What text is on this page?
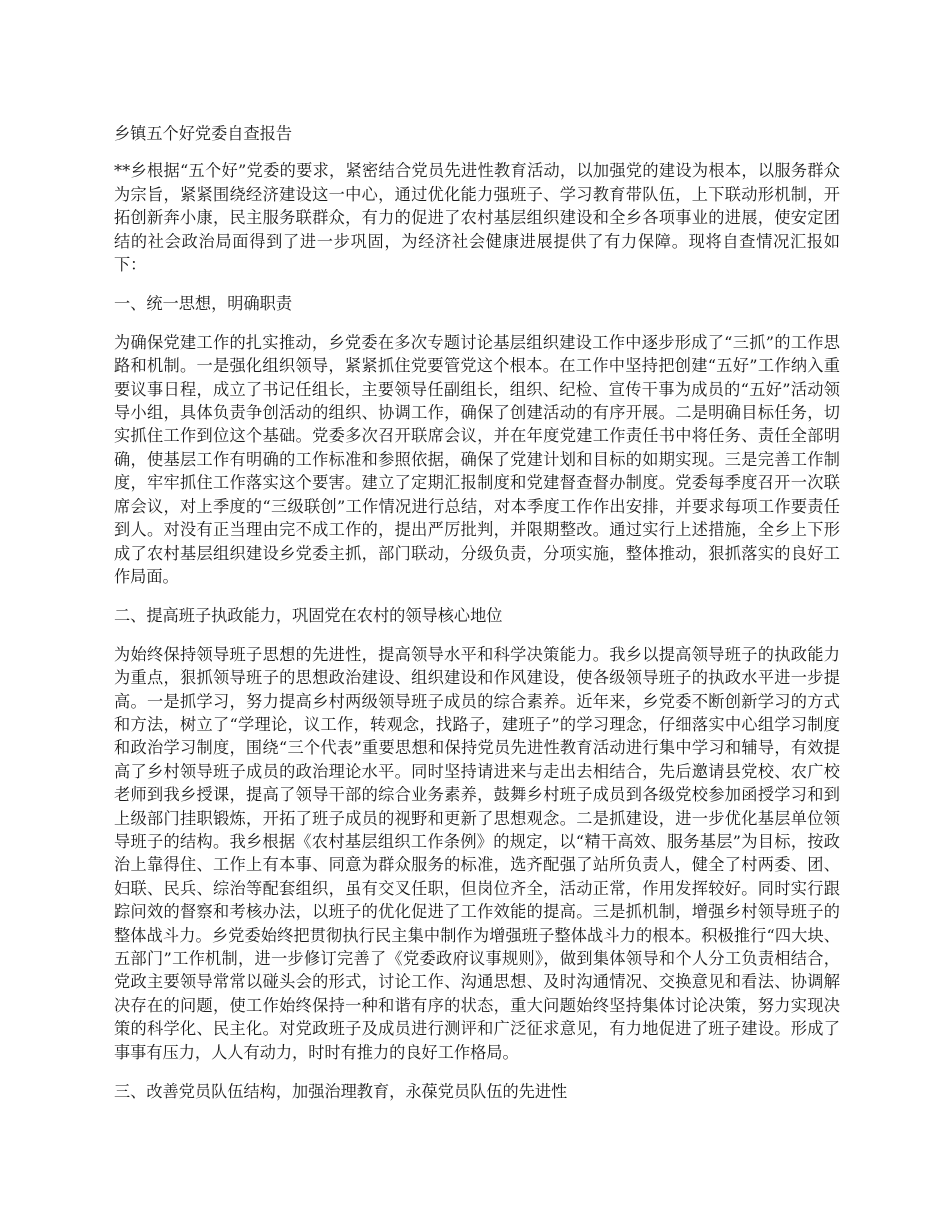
乡镇五个好党委自查报告

**乡根据“五个好”党委的要求，紧密结合党员先进性教育活动，以加强党的建设为根本，以服务群众为宗旨，紧紧围绕经济建设这一中心，通过优化能力强班子、学习教育带队伍，上下联动形机制，开拓创新奔小康，民主服务联群众，有力的促进了农村基层组织建设和全乡各项事业的进展，使安定团结的社会政治局面得到了进一步巩固，为经济社会健康进展提供了有力保障。现将自查情况汇报如下：

一、统一思想，明确职责

为确保党建工作的扎实推动，乡党委在多次专题讨论基层组织建设工作中逐步形成了“三抓”的工作思路和机制。一是强化组织领导，紧紧抓住党要管党这个根本。在工作中坚持把创建“五好”工作纳入重要议事日程，成立了书记任组长，主要领导任副组长，组织、纪检、宣传干事为成员的“五好”活动领导小组，具体负责争创活动的组织、协调工作，确保了创建活动的有序开展。二是明确目标任务，切实抓住工作到位这个基础。党委多次召开联席会议，并在年度党建工作责任书中将任务、责任全部明确，使基层工作有明确的工作标准和参照依据，确保了党建计划和目标的如期实现。三是完善工作制度，牢牢抓住工作落实这个要害。建立了定期汇报制度和党建督查督办制度。党委每季度召开一次联席会议，对上季度的“三级联创”工作情况进行总结，对本季度工作作出安排，并要求每项工作要责任到人。对没有正当理由完不成工作的，提出严厉批判，并限期整改。通过实行上述措施，全乡上下形成了农村基层组织建设乡党委主抓，部门联动，分级负责，分项实施，整体推动，狠抓落实的良好工作局面。

二、提高班子执政能力，巩固党在农村的领导核心地位

为始终保持领导班子思想的先进性，提高领导水平和科学决策能力。我乡以提高领导班子的执政能力为重点，狠抓领导班子的思想政治建设、组织建设和作风建设，使各级领导班子的执政水平进一步提高。一是抓学习，努力提高乡村两级领导班子成员的综合素养。近年来，乡党委不断创新学习的方式和方法，树立了“学理论，议工作，转观念，找路子，建班子”的学习理念，仔细落实中心组学习制度和政治学习制度，围绕“三个代表”重要思想和保持党员先进性教育活动进行集中学习和辅导，有效提高了乡村领导班子成员的政治理论水平。同时坚持请进来与走出去相结合，先后邀请县党校、农广校老师到我乡授课，提高了领导干部的综合业务素养，鼓舞乡村班子成员到各级党校参加函授学习和到上级部门挂职锻炼，开拓了班子成员的视野和更新了思想观念。二是抓建设，进一步优化基层单位领导班子的结构。我乡根据《农村基层组织工作条例》的规定，以“精干高效、服务基层”为目标，按政治上靠得住、工作上有本事、同意为群众服务的标准，选齐配强了站所负责人，健全了村两委、团、妇联、民兵、综治等配套组织，虽有交叉任职，但岗位齐全，活动正常，作用发挥较好。同时实行跟踪问效的督察和考核办法，以班子的优化促进了工作效能的提高。三是抓机制，增强乡村领导班子的整体战斗力。乡党委始终把贯彻执行民主集中制作为增强班子整体战斗力的根本。积极推行“四大块、五部门”工作机制，进一步修订完善了《党委政府议事规则》，做到集体领导和个人分工负责相结合，党政主要领导常常以碰头会的形式，讨论工作、沟通思想、及时沟通情况、交换意见和看法、协调解决存在的问题，使工作始终保持一种和谐有序的状态，重大问题始终坚持集体讨论决策，努力实现决策的科学化、民主化。对党政班子及成员进行测评和广泛征求意见，有力地促进了班子建设。形成了事事有压力，人人有动力，时时有推力的良好工作格局。

三、改善党员队伍结构，加强治理教育，永葆党员队伍的先进性
